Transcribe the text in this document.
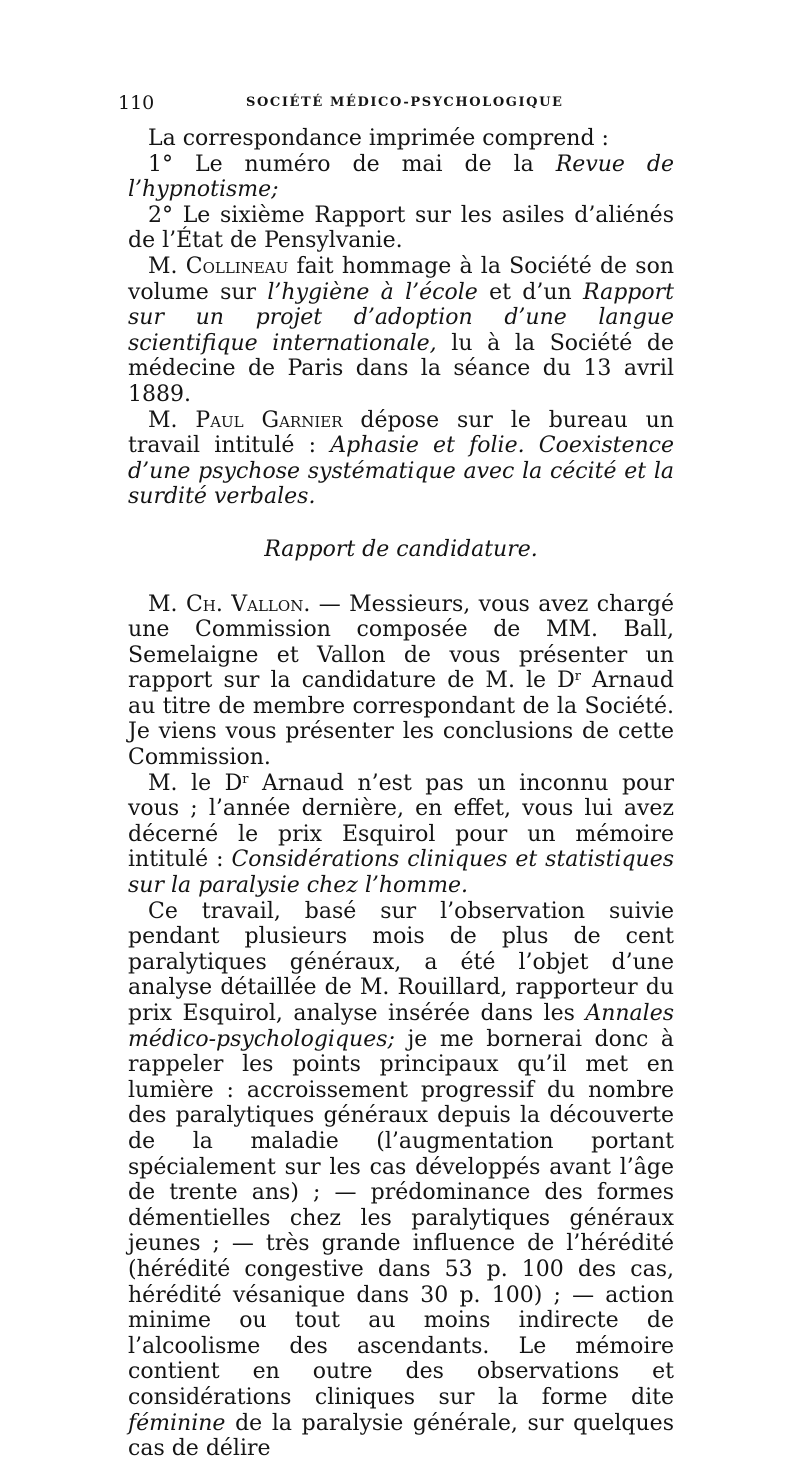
110	SOCIÉTÉ MÉDICO-PSYCHOLOGIQUE

La correspondance imprimée comprend :

1° Le numéro de mai de la Revue de l’hypnotisme;

2° Le sixième Rapport sur les asiles d’aliénés de l’État de Pensylvanie.

M. Collineau fait hommage à la Société de son volume sur l’hygiène à l’école et d’un Rapport sur un projet d’adoption d’une langue scientifique internationale, lu à la Société de médecine de Paris dans la séance du 13 avril 1889.

M. Paul Garnier dépose sur le bureau un travail intitulé : Aphasie et folie. Coexistence d’une psychose systématique avec la cécité et la surdité verbales.

Rapport de candidature.

M. Ch. Vallon. — Messieurs, vous avez chargé une Commission composée de MM. Ball, Semelaigne et Vallon de vous présenter un rapport sur la candidature de M. le $D^r$ Arnaud au titre de membre correspondant de la Société. Je viens vous présenter les conclusions de cette Commission.

M. le $D^r$ Arnaud n’est pas un inconnu pour vous ; l’année dernière, en effet, vous lui avez décerné le prix Esquirol pour un mémoire intitulé : Considérations cliniques et statistiques sur la paralysie chez l’homme.

Ce travail, basé sur l’observation suivie pendant plusieurs mois de plus de cent paralytiques généraux, a été l’objet d’une analyse détaillée de M. Rouillard, rapporteur du prix Esquirol, analyse insérée dans les Annales médico-psychologiques; je me bornerai donc à rappeler les points principaux qu’il met en lumière : accroissement progressif du nombre des paralytiques généraux depuis la découverte de la maladie (l’augmentation portant spécialement sur les cas développés avant l’âge de trente ans) ; — prédominance des formes démentielles chez les paralytiques généraux jeunes ; — très grande influence de l’hérédité (hérédité congestive dans 53 p. 100 des cas, hérédité vésanique dans 30 p. 100) ; — action minime ou tout au moins indirecte de l’alcoolisme des ascendants. Le mémoire contient en outre des observations et considérations cliniques sur la forme dite féminine de la paralysie générale, sur quelques cas de délire
